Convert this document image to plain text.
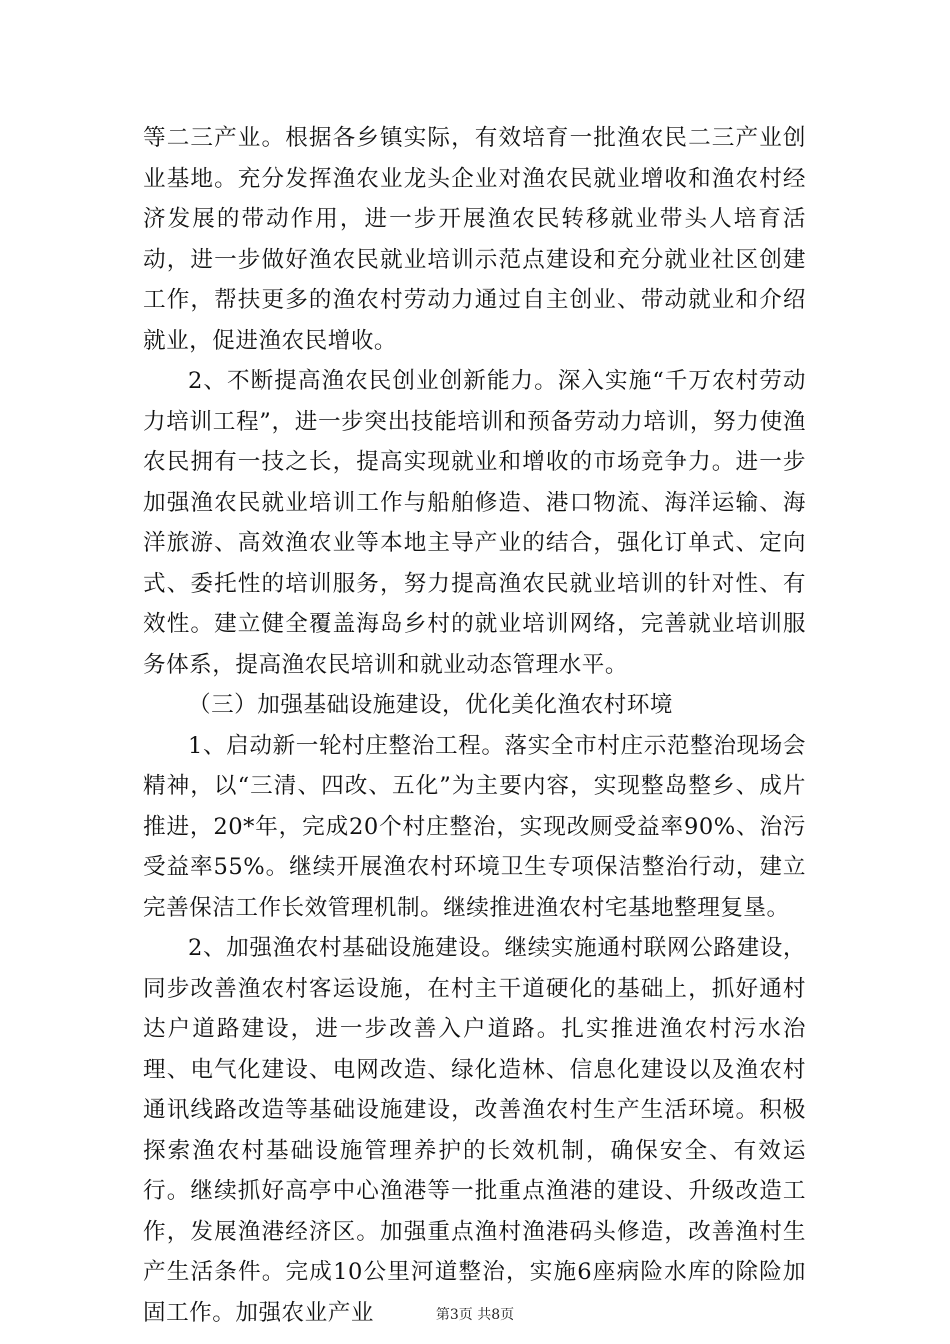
等二三产业。根据各乡镇实际，有效培育一批渔农民二三产业创业基地。充分发挥渔农业龙头企业对渔农民就业增收和渔农村经济发展的带动作用，进一步开展渔农民转移就业带头人培育活动，进一步做好渔农民就业培训示范点建设和充分就业社区创建工作，帮扶更多的渔农村劳动力通过自主创业、带动就业和介绍就业，促进渔农民增收。

2、不断提高渔农民创业创新能力。深入实施“千万农村劳动力培训工程”，进一步突出技能培训和预备劳动力培训，努力使渔农民拥有一技之长，提高实现就业和增收的市场竞争力。进一步加强渔农民就业培训工作与船舶修造、港口物流、海洋运输、海洋旅游、高效渔农业等本地主导产业的结合，强化订单式、定向式、委托性的培训服务，努力提高渔农民就业培训的针对性、有效性。建立健全覆盖海岛乡村的就业培训网络，完善就业培训服务体系，提高渔农民培训和就业动态管理水平。

（三）加强基础设施建设，优化美化渔农村环境

1、启动新一轮村庄整治工程。落实全市村庄示范整治现场会精神，以“三清、四改、五化”为主要内容，实现整岛整乡、成片推进，20*年，完成20个村庄整治，实现改厕受益率90%、治污受益率55%。继续开展渔农村环境卫生专项保洁整治行动，建立完善保洁工作长效管理机制。继续推进渔农村宅基地整理复垦。

2、加强渔农村基础设施建设。继续实施通村联网公路建设，同步改善渔农村客运设施，在村主干道硬化的基础上，抓好通村达户道路建设，进一步改善入户道路。扎实推进渔农村污水治理、电气化建设、电网改造、绿化造林、信息化建设以及渔农村通讯线路改造等基础设施建设，改善渔农村生产生活环境。积极探索渔农村基础设施管理养护的长效机制，确保安全、有效运行。继续抓好高亭中心渔港等一批重点渔港的建设、升级改造工作，发展渔港经济区。加强重点渔村渔港码头修造，改善渔村生产生活条件。完成10公里河道整治，实施6座病险水库的除险加固工作。加强农业产业	第3页 共8页
